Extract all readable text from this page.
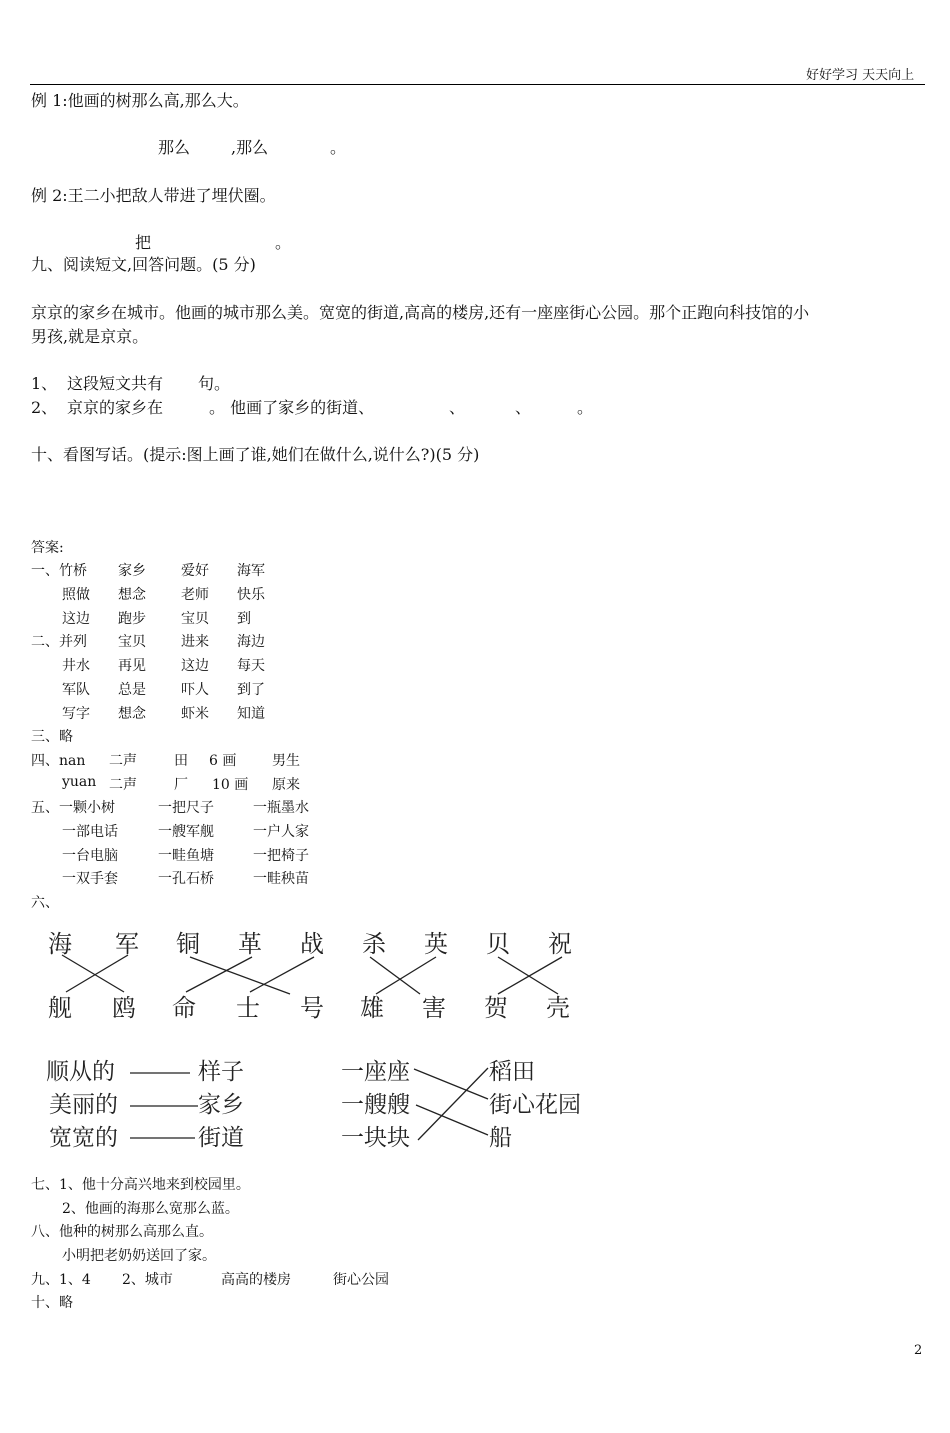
好好学习 天天向上
例 1:他画的树那么高,那么大。
那么	,那么	。
例 2:王二小把敌人带进了埋伏圈。
把	。
九、阅读短文,回答问题。(5 分)
京京的家乡在城市。他画的城市那么美。宽宽的街道,高高的楼房,还有一座座街心公园。那个正跑向科技馆的小
男孩,就是京京。
1、 这段短文共有 句。
2、 京京的家乡在	。 他画了家乡的街道、	、	、	。
十、看图写话。(提示:图上画了谁,她们在做什么,说什么?)(5 分)
答案:
一、竹桥 家乡	爱好 海军
照做 想念	老师 快乐
这边 跑步	宝贝 到
二、并列 宝贝	进来 海边
井水 再见	这边 每天
军队 总是	吓人 到了
写字 想念	虾米 知道
三、略
四、nan 二声	田 6 画	男生
yuan 二声	厂 10 画 原来
五、一颗小树	一把尺子	一瓶墨水
一部电话	一艘军舰	一户人家
一台电脑	一畦鱼塘	一把椅子
一双手套	一孔石桥	一畦秧苗
六、
海 军 铜 革 战 杀 英 贝 祝
舰 鸥 命 士 号 雄 害 贺 壳
顺从的	样子
美丽的	家乡
宽宽的	街道
一座座
一艘艘
一块块
稻田
街心花园
船
七、1、他十分高兴地来到校园里。
2、他画的海那么宽那么蓝。
八、他种的树那么高那么直。
小明把老奶奶送回了家。
九、1、4 2、城市	高高的楼房	街心公园
十、略
2
